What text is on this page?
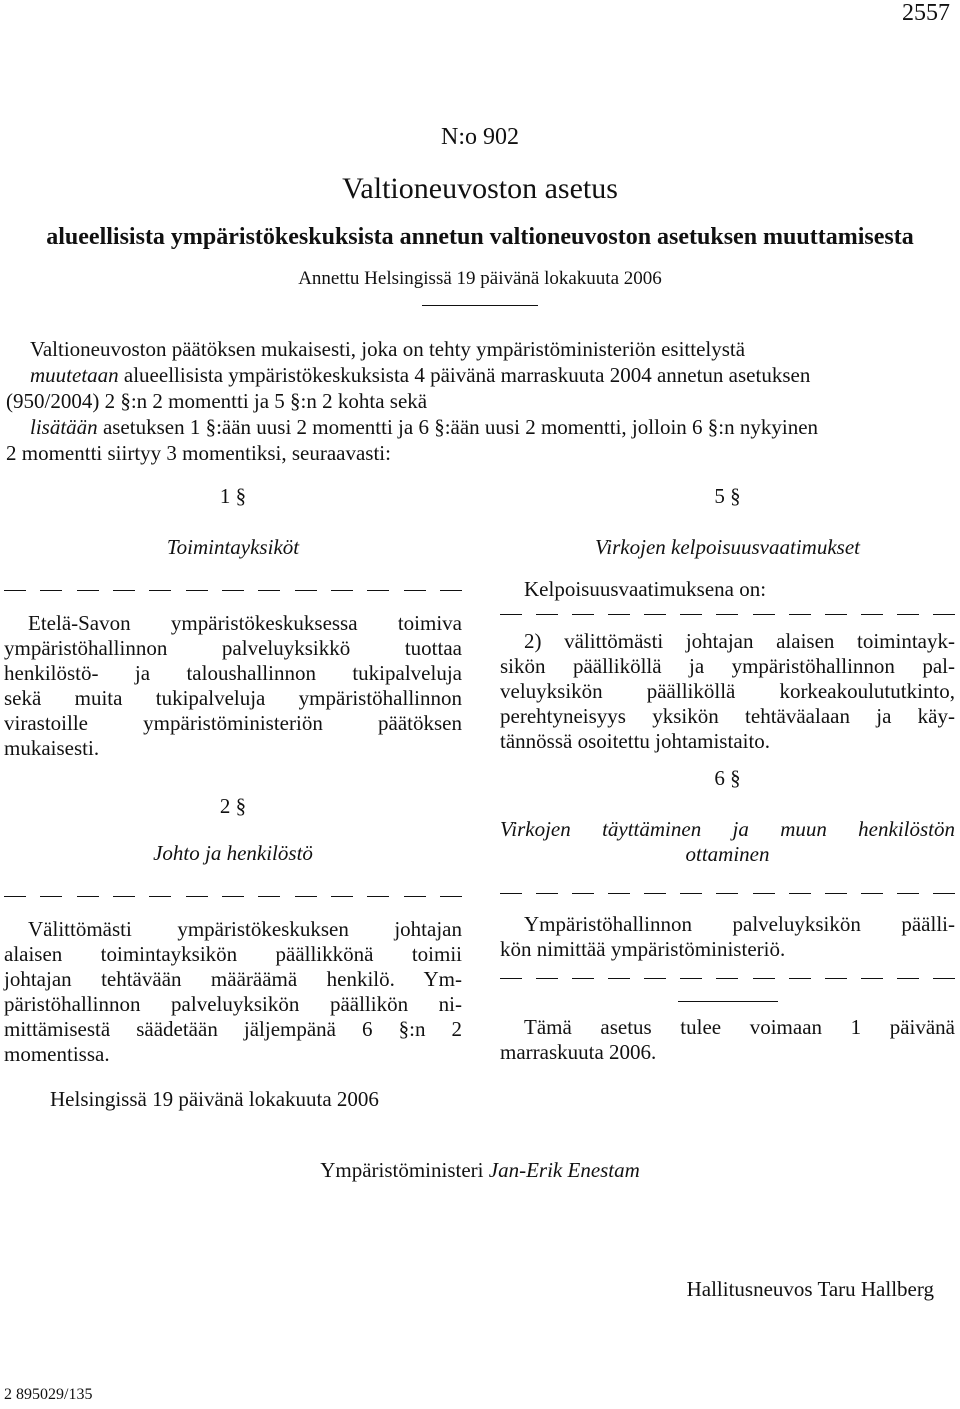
2557
N:o 902
Valtioneuvoston asetus
alueellisista ympäristökeskuksista annetun valtioneuvoston asetuksen muuttamisesta
Annettu Helsingissä 19 päivänä lokakuuta 2006
Valtioneuvoston päätöksen mukaisesti, joka on tehty ympäristöministeriön esittelystä
muutetaan alueellisista ympäristökeskuksista 4 päivänä marraskuuta 2004 annetun asetuksen
(950/2004) 2 §:n 2 momentti ja 5 §:n 2 kohta sekä
lisätään asetuksen 1 §:ään uusi 2 momentti ja 6 §:ään uusi 2 momentti, jolloin 6 §:n nykyinen
2 momentti siirtyy 3 momentiksi, seuraavasti:
1 §
Toimintayksiköt
Etelä-Savon ympäristökeskuksessa toimiva
ympäristöhallinnon palveluyksikkö tuottaa
henkilöstö- ja taloushallinnon tukipalveluja
sekä muita tukipalveluja ympäristöhallinnon
virastoille ympäristöministeriön päätöksen
mukaisesti.
2 §
Johto ja henkilöstö
Välittömästi ympäristökeskuksen johtajan
alaisen toimintayksikön päällikkönä toimii
johtajan tehtävään määräämä henkilö. Ym-
päristöhallinnon palveluyksikön päällikön ni-
mittämisestä säädetään jäljempänä 6 §:n 2
momentissa.
5 §
Virkojen kelpoisuusvaatimukset
Kelpoisuusvaatimuksena on:
2) välittömästi johtajan alaisen toimintayk-
sikön päälliköllä ja ympäristöhallinnon pal-
veluyksikön päälliköllä korkeakoulututkinto,
perehtyneisyys yksikön tehtäväalaan ja käy-
tännössä osoitettu johtamistaito.
6 §
Virkojen täyttäminen ja muun henkilöstön
ottaminen
Ympäristöhallinnon palveluyksikön päälli-
kön nimittää ympäristöministeriö.
Tämä asetus tulee voimaan 1 päivänä
marraskuuta 2006.
Helsingissä 19 päivänä lokakuuta 2006
Ympäristöministeri Jan-Erik Enestam
Hallitusneuvos Taru Hallberg
2 895029/135
